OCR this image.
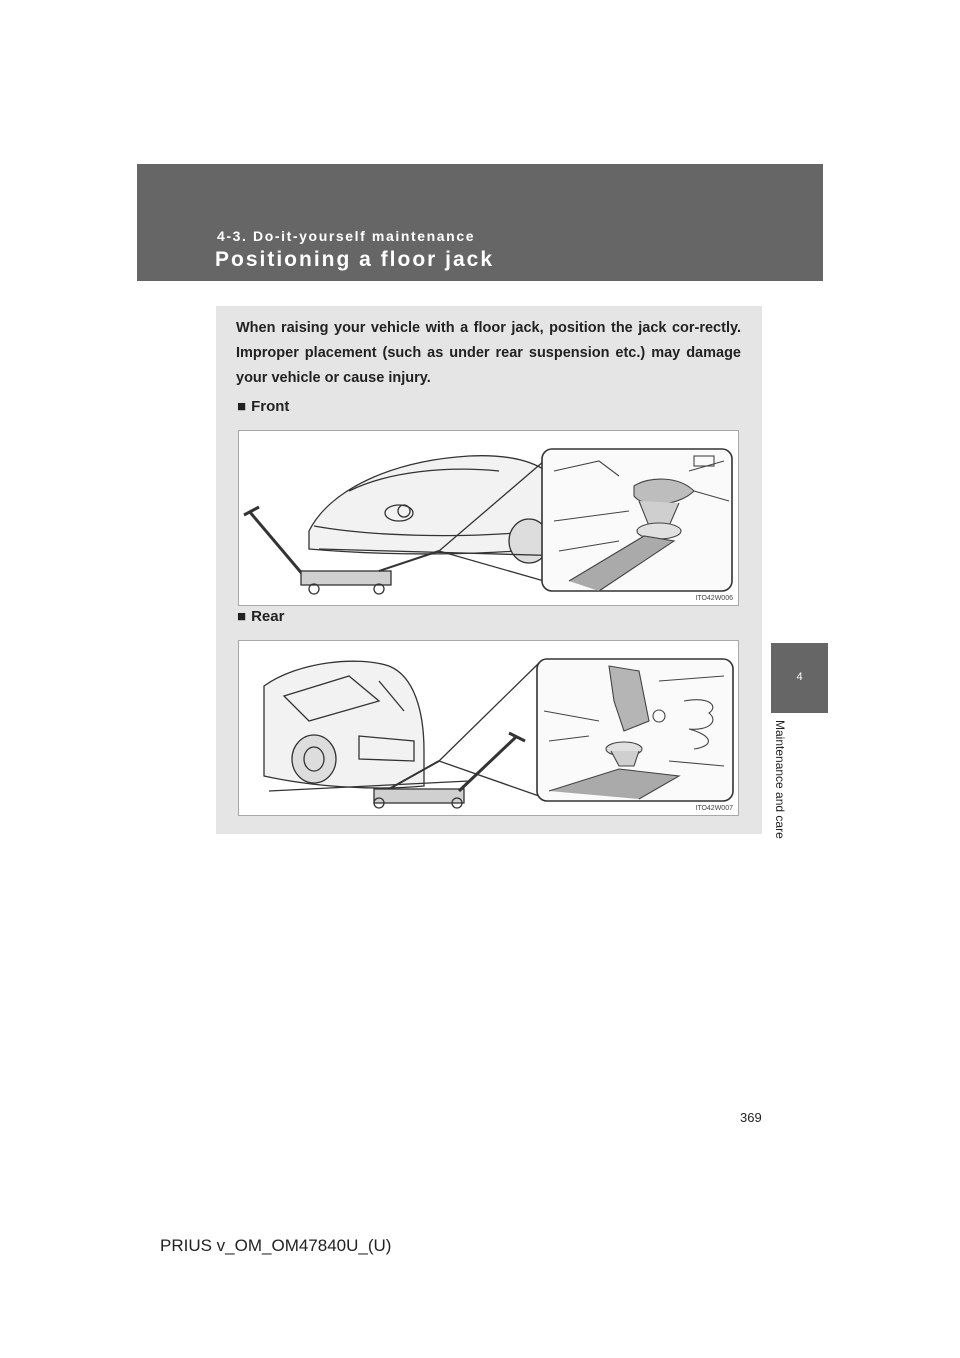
4-3. Do-it-yourself maintenance
Positioning a floor jack
4
Maintenance and care
When raising your vehicle with a floor jack, position the jack cor-rectly. Improper placement (such as under rear suspension etc.) may damage your vehicle or cause injury.
■ Front
ITO42W006
■ Rear
ITO42W007
369
PRIUS v_OM_OM47840U_(U)
